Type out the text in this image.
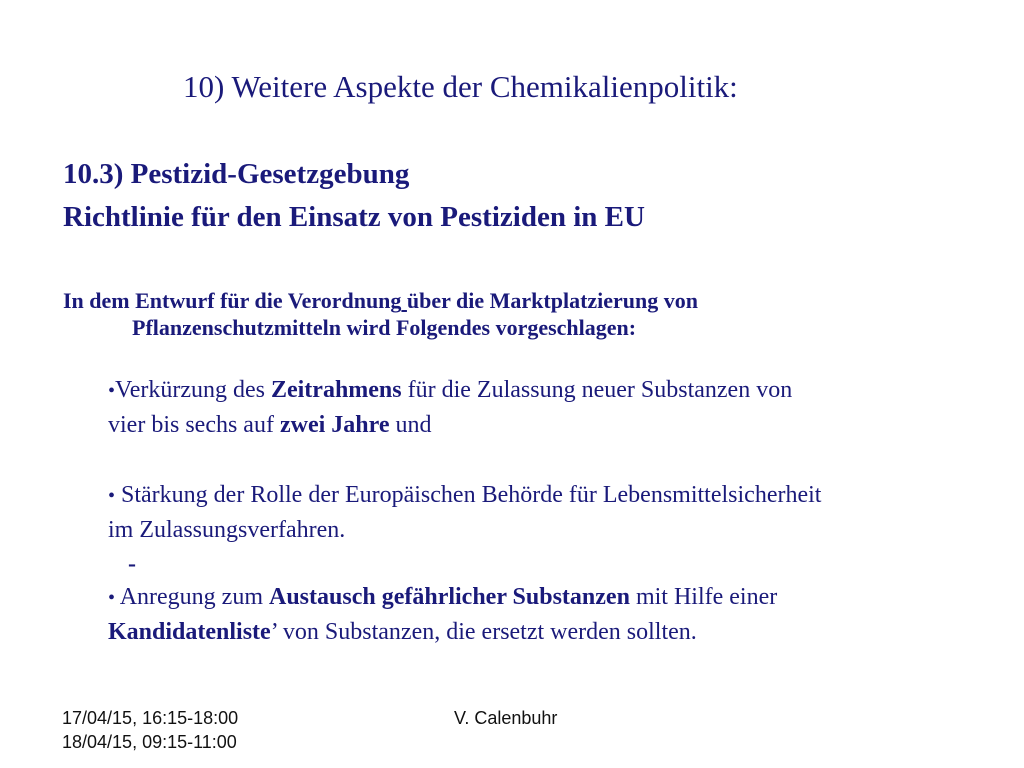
10) Weitere Aspekte der Chemikalienpolitik:
10.3) Pestizid-Gesetzgebung
Richtlinie für den Einsatz von Pestiziden in EU
In dem Entwurf für die Verordnung über die Marktplatzierung von
Pflanzenschutzmitteln wird Folgendes vorgeschlagen:
•Verkürzung des Zeitrahmens für die Zulassung neuer Substanzen von
vier bis sechs auf zwei Jahre und
• Stärkung der Rolle der Europäischen Behörde für Lebensmittelsicherheit
im Zulassungsverfahren.
-
• Anregung zum Austausch gefährlicher Substanzen mit Hilfe einer
Kandidatenliste’ von Substanzen, die ersetzt werden sollten.
17/04/15, 16:15-18:00
18/04/15, 09:15-11:00
V. Calenbuhr
